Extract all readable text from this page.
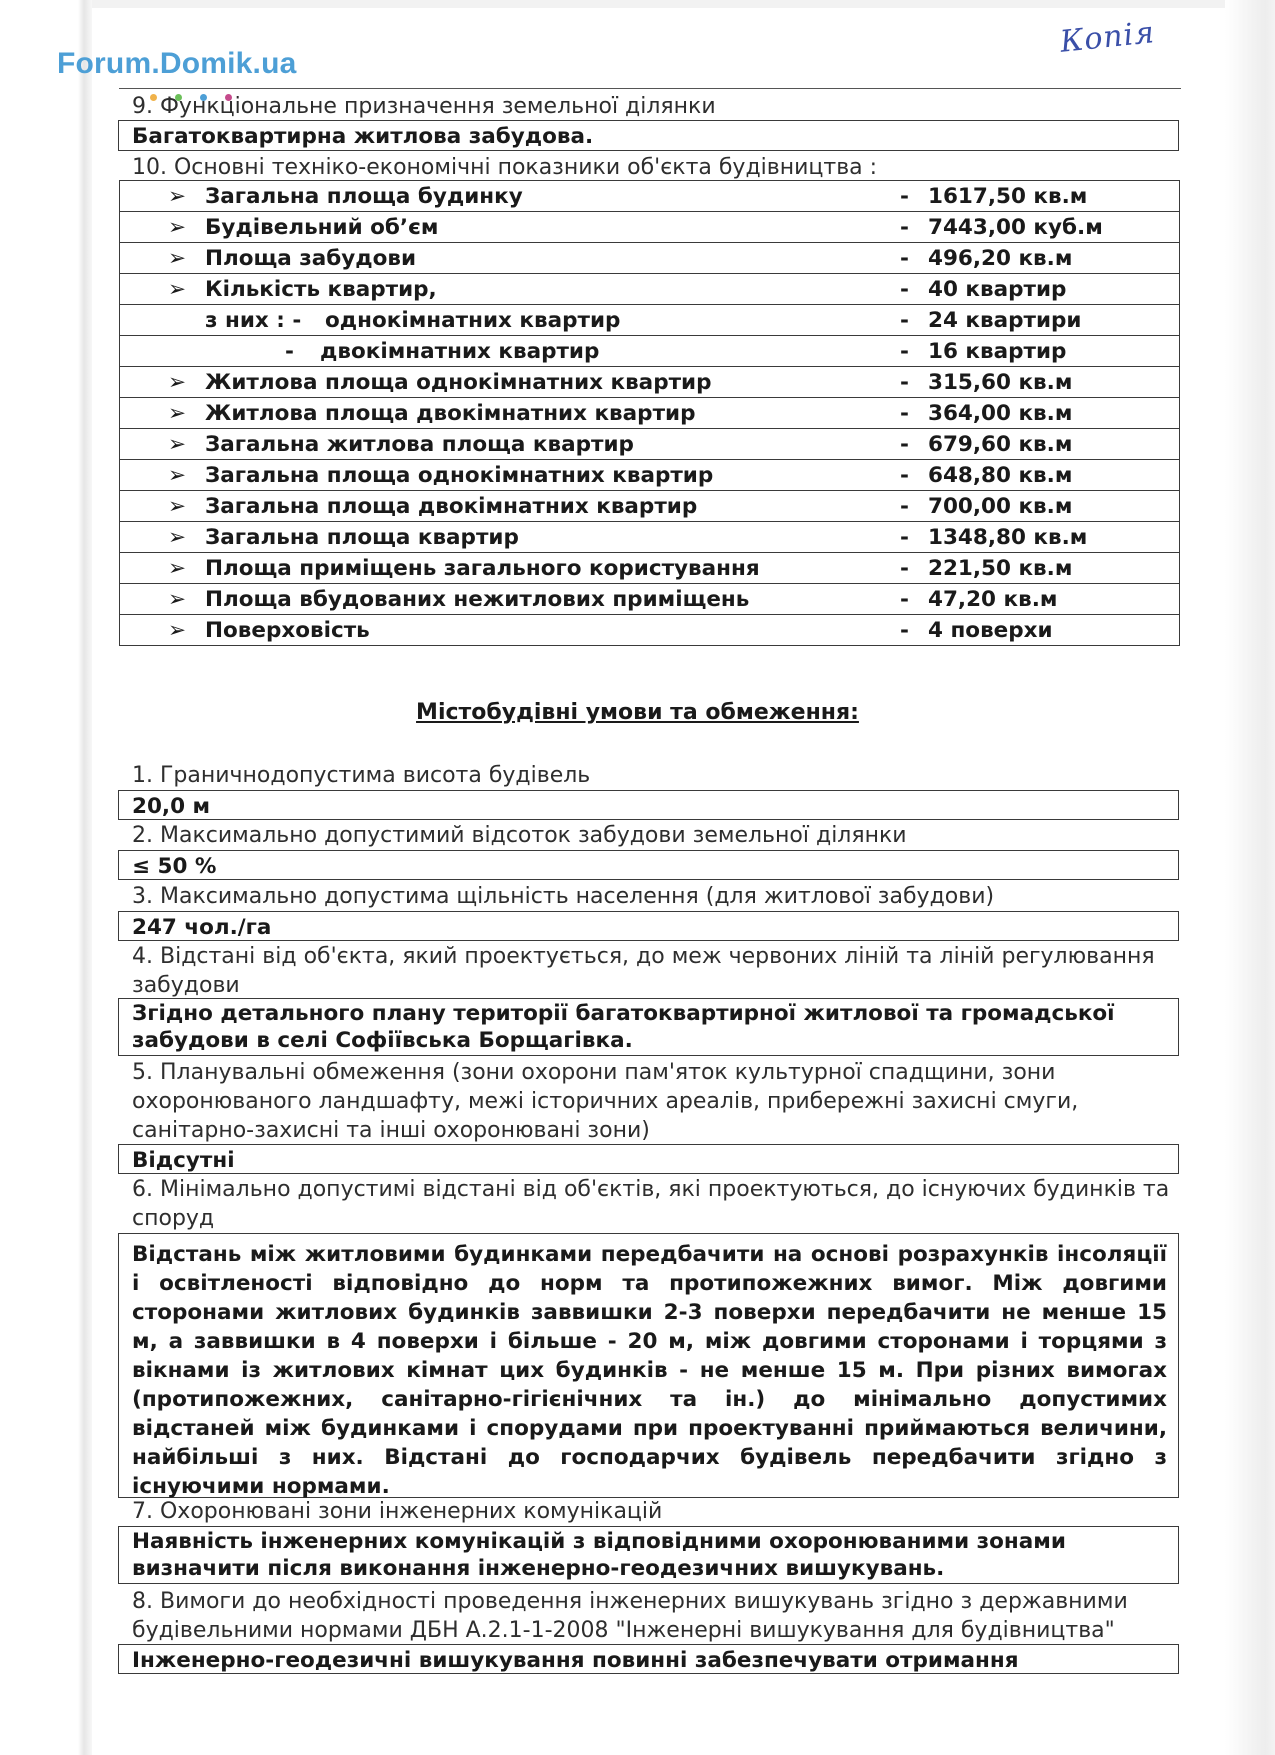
Forum.Domik.ua
Копія
9. Функціональне призначення земельної ділянки
Багатоквартирна житлова забудова.
10. Основні техніко-економічні показники об'єкта будівництва :
➢ Загальна площа будинку	- 1617,50 кв.м
➢ Будівельний об’єм	- 7443,00 куб.м
➢ Площа забудови	- 496,20 кв.м
➢ Кількість квартир,	- 40 квартир
з них : - однокімнатних квартир	- 24 квартири
- двокімнатних квартир	- 16 квартир
➢ Житлова площа однокімнатних квартир	- 315,60 кв.м
➢ Житлова площа двокімнатних квартир	- 364,00 кв.м
➢ Загальна житлова площа квартир	- 679,60 кв.м
➢ Загальна площа однокімнатних квартир	- 648,80 кв.м
➢ Загальна площа двокімнатних квартир	- 700,00 кв.м
➢ Загальна площа квартир	- 1348,80 кв.м
➢ Площа приміщень загального користування	- 221,50 кв.м
➢ Площа вбудованих нежитлових приміщень	- 47,20 кв.м
➢ Поверховість	- 4 поверхи
Містобудівні умови та обмеження:
1. Граничнодопустима висота будівель
20,0 м
2. Максимально допустимий відсоток забудови земельної ділянки
≤ 50 %
3. Максимально допустима щільність населення (для житлової забудови)
247 чол./га
4. Відстані від об'єкта, який проектується, до меж червоних ліній та ліній регулювання
забудови
Згідно детального плану території багатоквартирної житлової та громадської
забудови в селі Софіївська Борщагівка.
5. Планувальні обмеження (зони охорони пам'яток культурної спадщини, зони
охоронюваного ландшафту, межі історичних ареалів, прибережні захисні смуги,
санітарно-захисні та інші охоронювані зони)
Відсутні
6. Мінімально допустимі відстані від об'єктів, які проектуються, до існуючих будинків та
споруд
Відстань між житловими будинками передбачити на основі розрахунків інсоляції і освітленості відповідно до норм та протипожежних вимог. Між довгими сторонами житлових будинків заввишки 2-3 поверхи передбачити не менше 15 м, а заввишки в 4 поверхи і більше - 20 м, між довгими сторонами і торцями з вікнами із житлових кімнат цих будинків - не менше 15 м. При різних вимогах (протипожежних, санітарно-гігієнічних та ін.) до мінімально допустимих відстаней між будинками і спорудами при проектуванні приймаються величини, найбільші з них. Відстані до господарчих будівель передбачити згідно з існуючими нормами.
7. Охоронювані зони інженерних комунікацій
Наявність інженерних комунікацій з відповідними охоронюваними зонами
визначити після виконання інженерно-геодезичних вишукувань.
8. Вимоги до необхідності проведення інженерних вишукувань згідно з державними
будівельними нормами ДБН А.2.1-1-2008 "Інженерні вишукування для будівництва"
Інженерно-геодезичні вишукування повинні забезпечувати отримання
